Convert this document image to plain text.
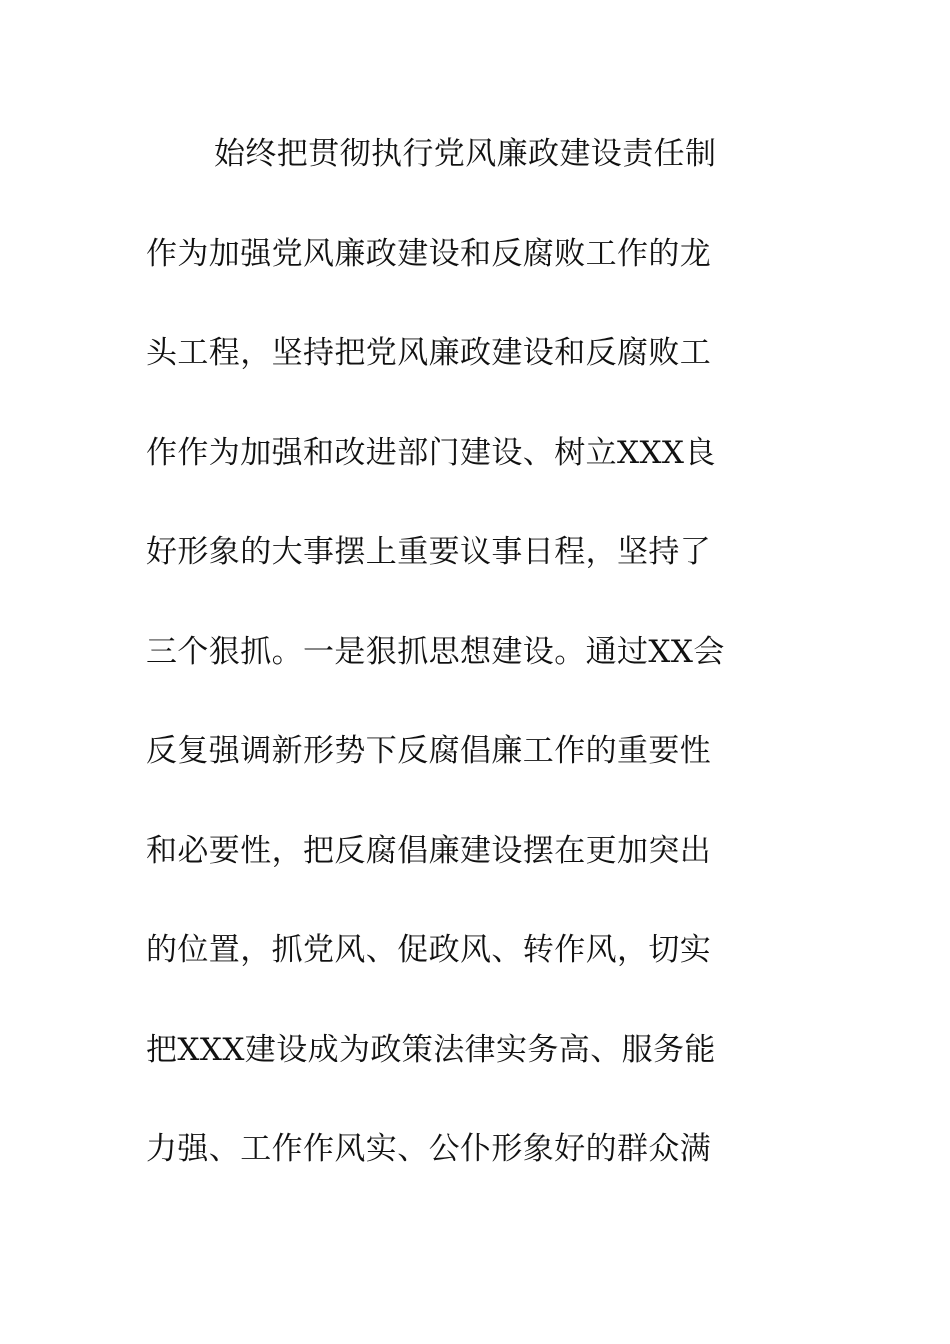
始终把贯彻执行党风廉政建设责任制
作为加强党风廉政建设和反腐败工作的龙
头工程，坚持把党风廉政建设和反腐败工
作作为加强和改进部门建设、树立XXX良
好形象的大事摆上重要议事日程，坚持了
三个狠抓。一是狠抓思想建设。通过XX会
反复强调新形势下反腐倡廉工作的重要性
和必要性，把反腐倡廉建设摆在更加突出
的位置，抓党风、促政风、转作风，切实
把XXX建设成为政策法律实务高、服务能
力强、工作作风实、公仆形象好的群众满
